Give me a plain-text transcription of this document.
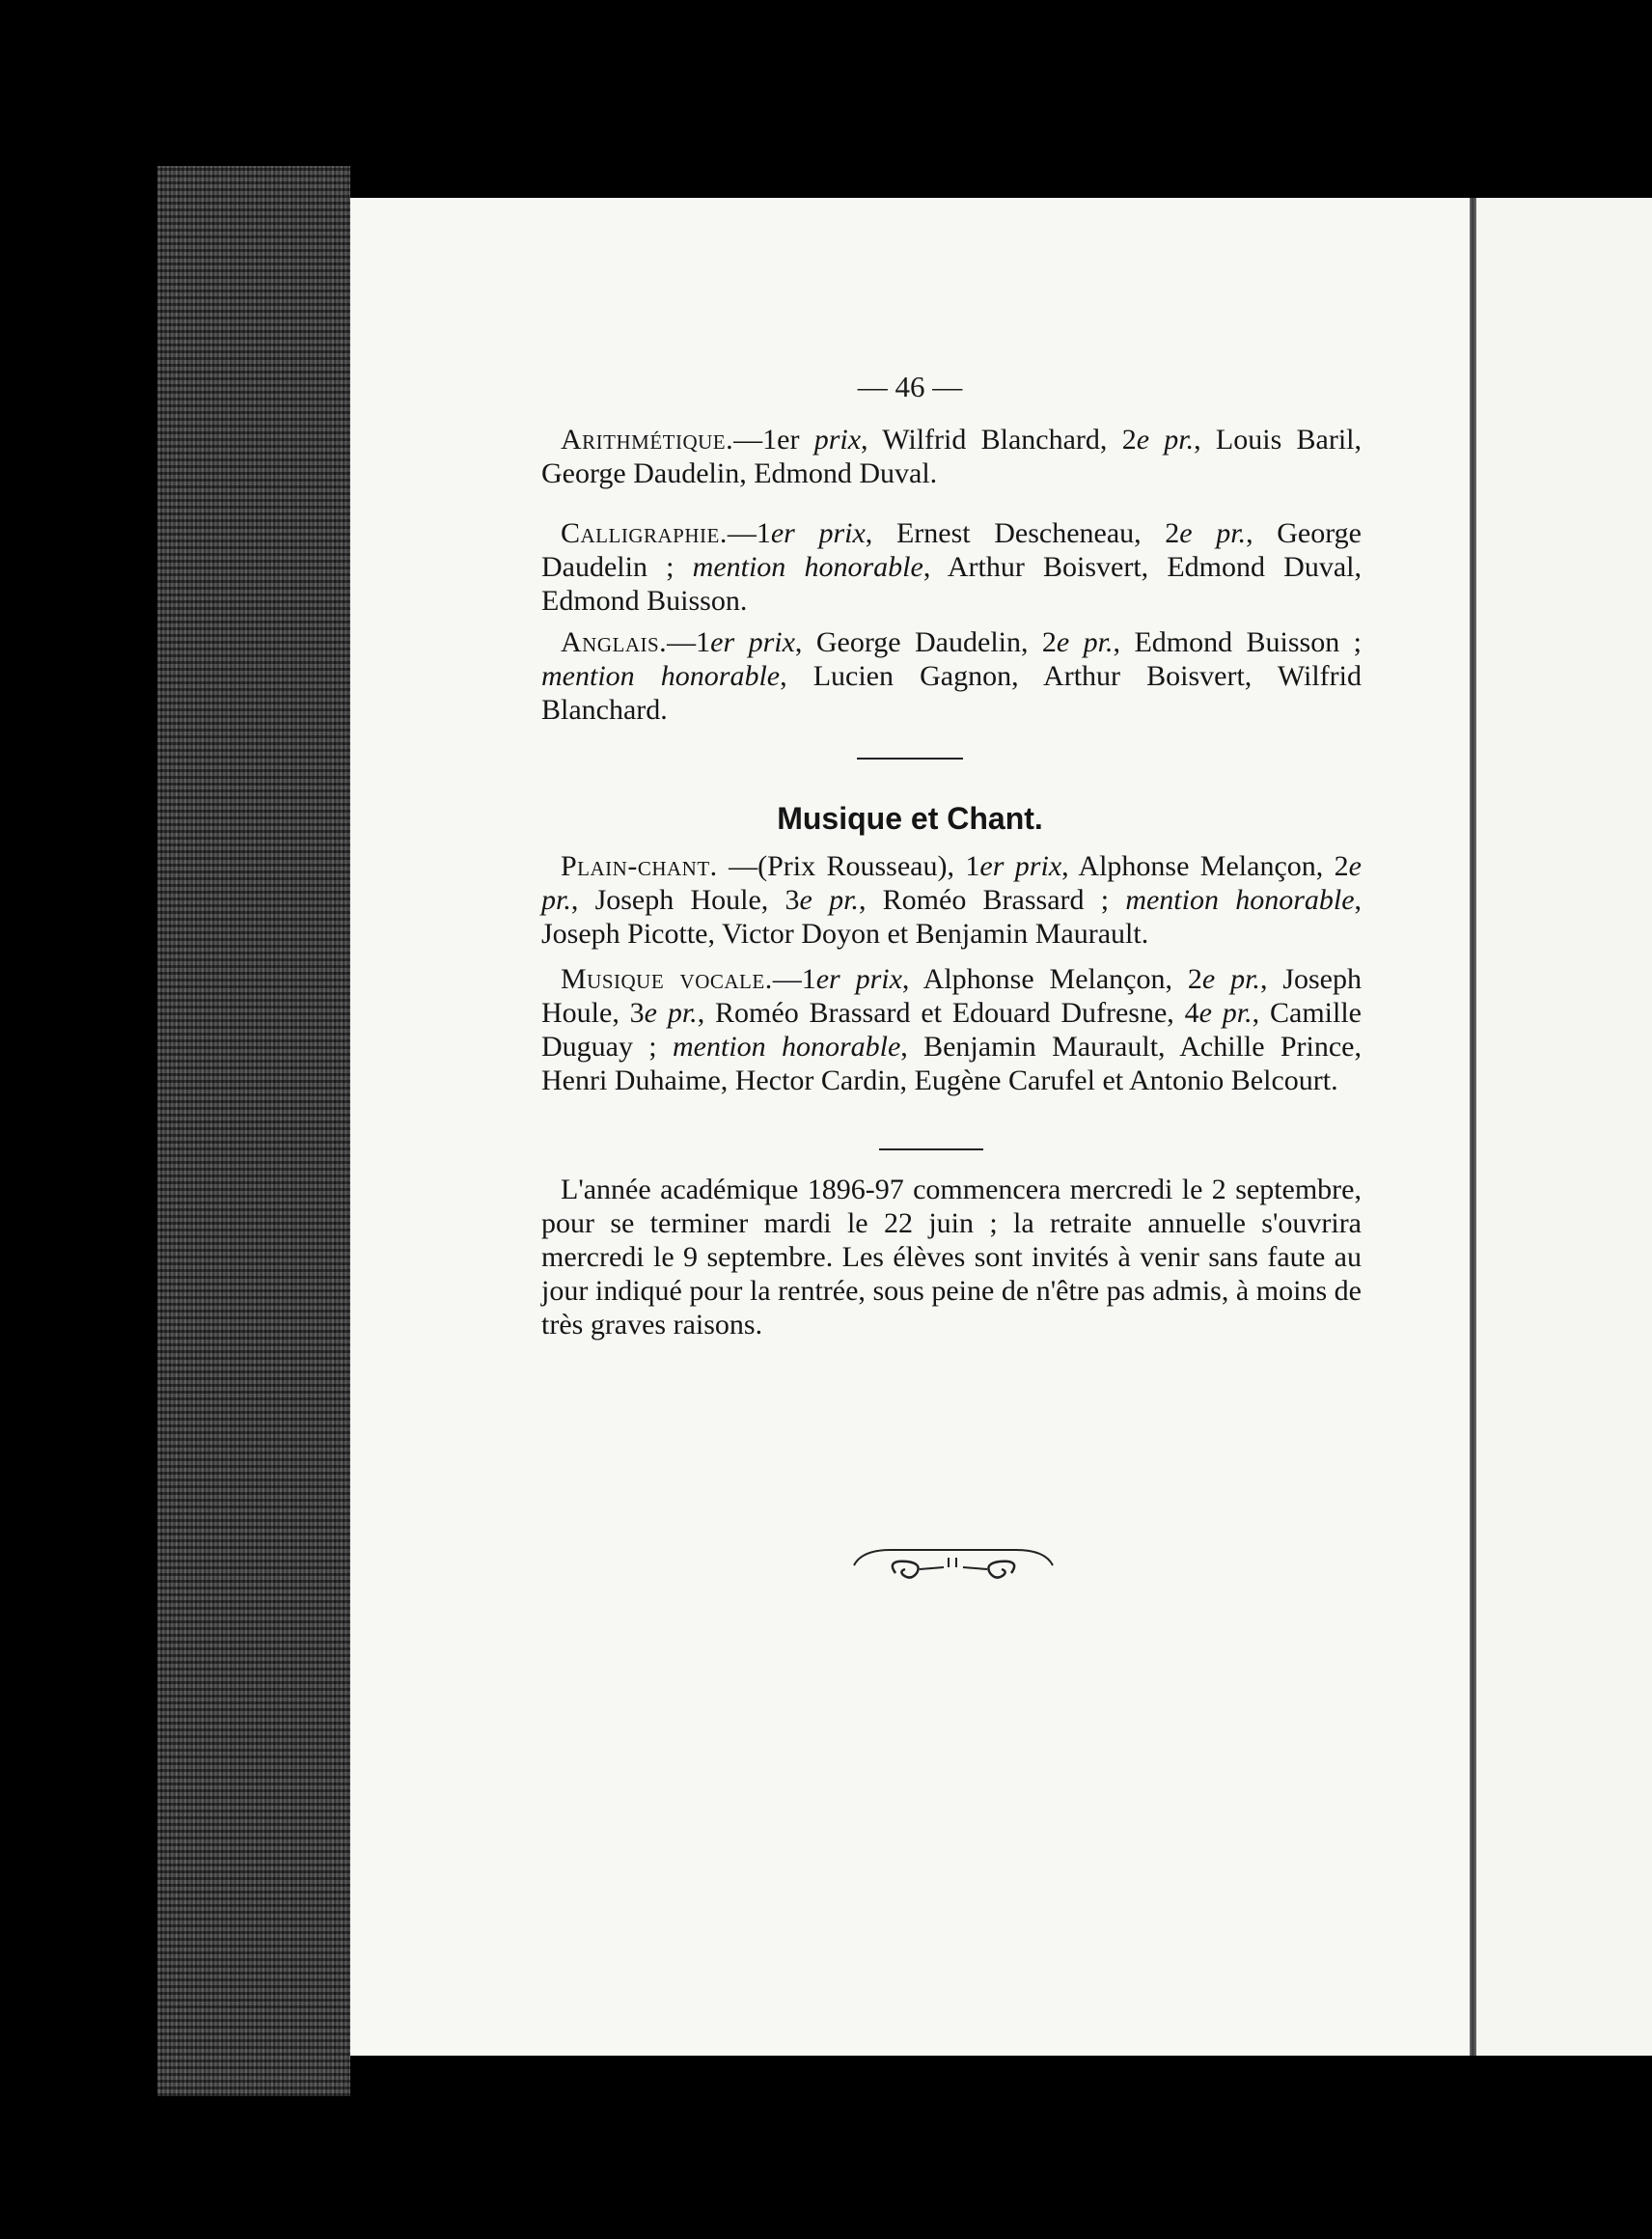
— 46 —

Arithmétique.—1er prix, Wilfrid Blanchard, 2e pr., Louis Baril, George Daudelin, Edmond Duval.

Calligraphie.—1er prix, Ernest Descheneau, 2e pr., George Daudelin ; mention honorable, Arthur Boisvert, Edmond Duval, Edmond Buisson.

Anglais.—1er prix, George Daudelin, 2e pr., Edmond Buisson ; mention honorable, Lucien Gagnon, Arthur Boisvert, Wilfrid Blanchard.

Musique et Chant.

Plain-chant. —(Prix Rousseau), 1er prix, Alphonse Melançon, 2e pr., Joseph Houle, 3e pr., Roméo Brassard ; mention honorable, Joseph Picotte, Victor Doyon et Benjamin Maurault.

Musique vocale.—1er prix, Alphonse Melançon, 2e pr., Joseph Houle, 3e pr., Roméo Brassard et Edouard Dufresne, 4e pr., Camille Duguay ; mention honorable, Benjamin Maurault, Achille Prince, Henri Duhaime, Hector Cardin, Eugène Carufel et Antonio Belcourt.

L'année académique 1896-97 commencera mercredi le 2 septembre, pour se terminer mardi le 22 juin ; la retraite annuelle s'ouvrira mercredi le 9 septembre. Les élèves sont invités à venir sans faute au jour indiqué pour la rentrée, sous peine de n'être pas admis, à moins de très graves raisons.
